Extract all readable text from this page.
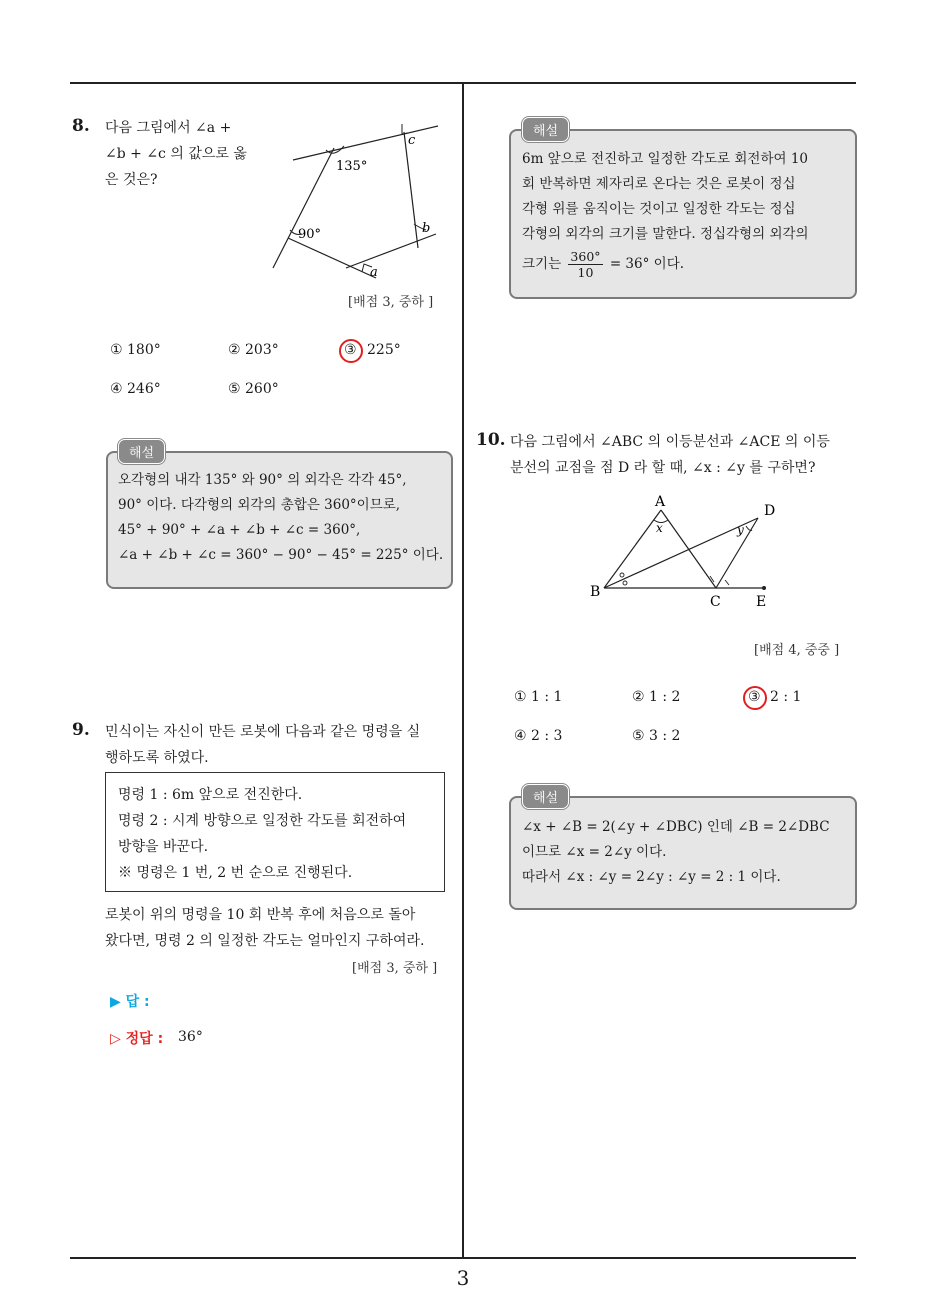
8. 다음 그림에서 ∠a +
∠b + ∠c 의 값으로 옳
은 것은?
135°
90°	b
c
a
[배점 3, 중하 ]
① 180°	② 203°	③ 225°
④ 246°	⑤ 260°
해설
오각형의 내각 135° 와 90° 의 외각은 각각 45°,
90° 이다. 다각형의 외각의 총합은 360°이므로,
45° + 90° + ∠a + ∠b + ∠c = 360°,
∠a + ∠b + ∠c = 360° − 90° − 45° = 225° 이다.
9. 민식이는 자신이 만든 로봇에 다음과 같은 명령을 실
행하도록 하였다.
명령 1 : 6m 앞으로 전진한다.
명령 2 : 시계 방향으로 일정한 각도를 회전하여
방향을 바꾼다.
※ 명령은 1 번, 2 번 순으로 진행된다.
로봇이 위의 명령을 10 회 반복 후에 처음으로 돌아
왔다면, 명령 2 의 일정한 각도는 얼마인지 구하여라.
[배점 3, 중하 ]
▶ 답 :
▷ 정답 : 36°
해설
6m 앞으로 전진하고 일정한 각도로 회전하여 10
회 반복하면 제자리로 온다는 것은 로봇이 정십
각형 위를 움직이는 것이고 일정한 각도는 정십
각형의 외각의 크기를 말한다. 정십각형의 외각의
크기는 $\frac{360^\circ}{10} = 36^\circ$ 이다.
10. 다음 그림에서 ∠ABC 의 이등분선과 ∠ACE 의 이등
분선의 교점을 점 D 라 할 때, ∠x : ∠y 를 구하면?
A
B
C
D
E
x	y
[배점 4, 중중 ]
① 1 : 1	② 1 : 2	③ 2 : 1
④ 2 : 3	⑤ 3 : 2
해설
∠x + ∠B = 2(∠y + ∠DBC) 인데 ∠B = 2∠DBC
이므로 ∠x = 2∠y 이다.
따라서 ∠x : ∠y = 2∠y : ∠y = 2 : 1 이다.
3
